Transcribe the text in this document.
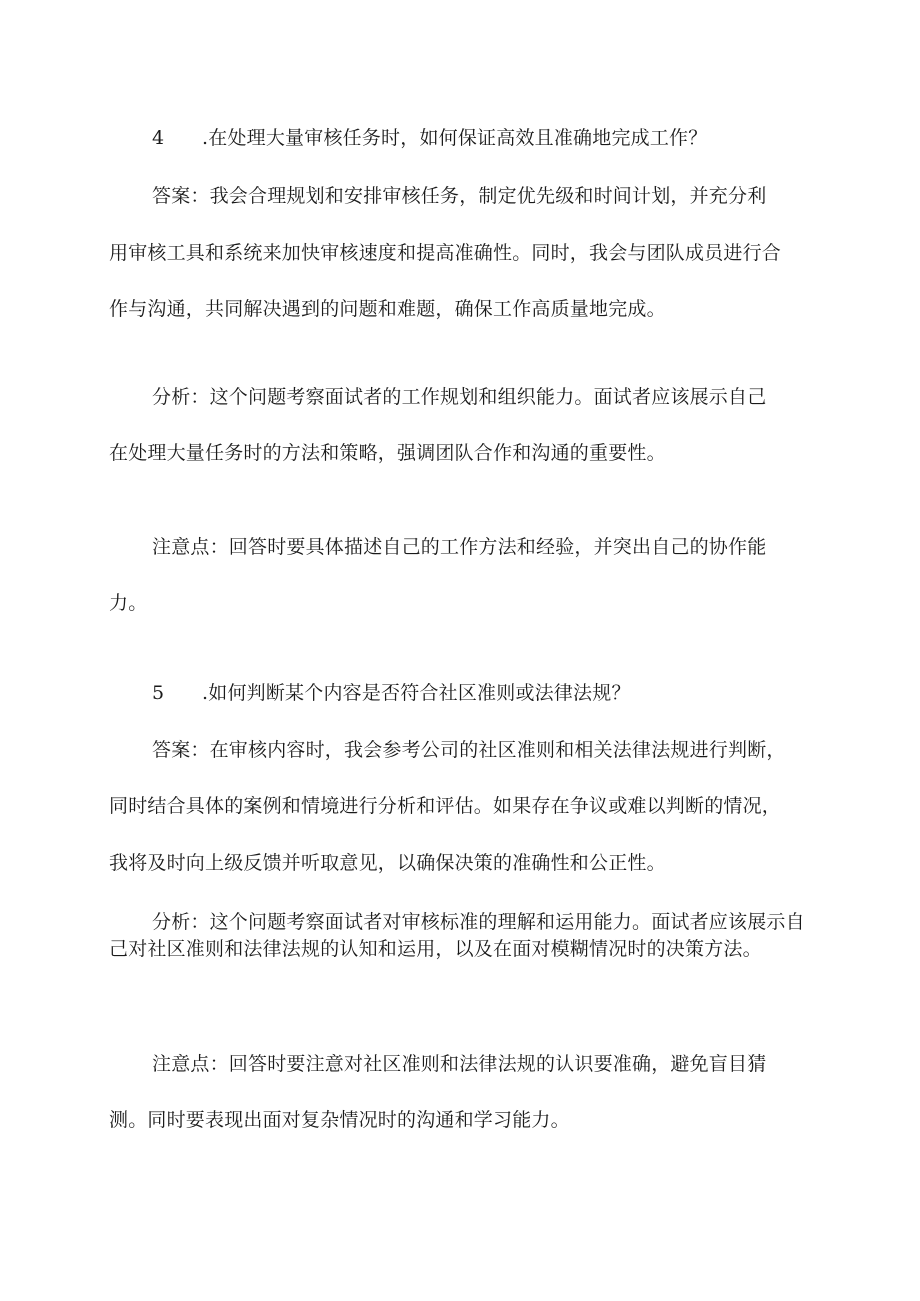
4 .在处理大量审核任务时，如何保证高效且准确地完成工作？

答案：我会合理规划和安排审核任务，制定优先级和时间计划，并充分利

用审核工具和系统来加快审核速度和提高准确性。同时，我会与团队成员进行合

作与沟通，共同解决遇到的问题和难题，确保工作高质量地完成。

分析：这个问题考察面试者的工作规划和组织能力。面试者应该展示自己

在处理大量任务时的方法和策略，强调团队合作和沟通的重要性。

注意点：回答时要具体描述自己的工作方法和经验，并突出自己的协作能

力。

5 .如何判断某个内容是否符合社区准则或法律法规？

答案：在审核内容时，我会参考公司的社区准则和相关法律法规进行判断，

同时结合具体的案例和情境进行分析和评估。如果存在争议或难以判断的情况，

我将及时向上级反馈并听取意见，以确保决策的准确性和公正性。

分析：这个问题考察面试者对审核标准的理解和运用能力。面试者应该展示自己对社区准则和法律法规的认知和运用，以及在面对模糊情况时的决策方法。

注意点：回答时要注意对社区准则和法律法规的认识要准确，避免盲目猜

测。同时要表现出面对复杂情况时的沟通和学习能力。
